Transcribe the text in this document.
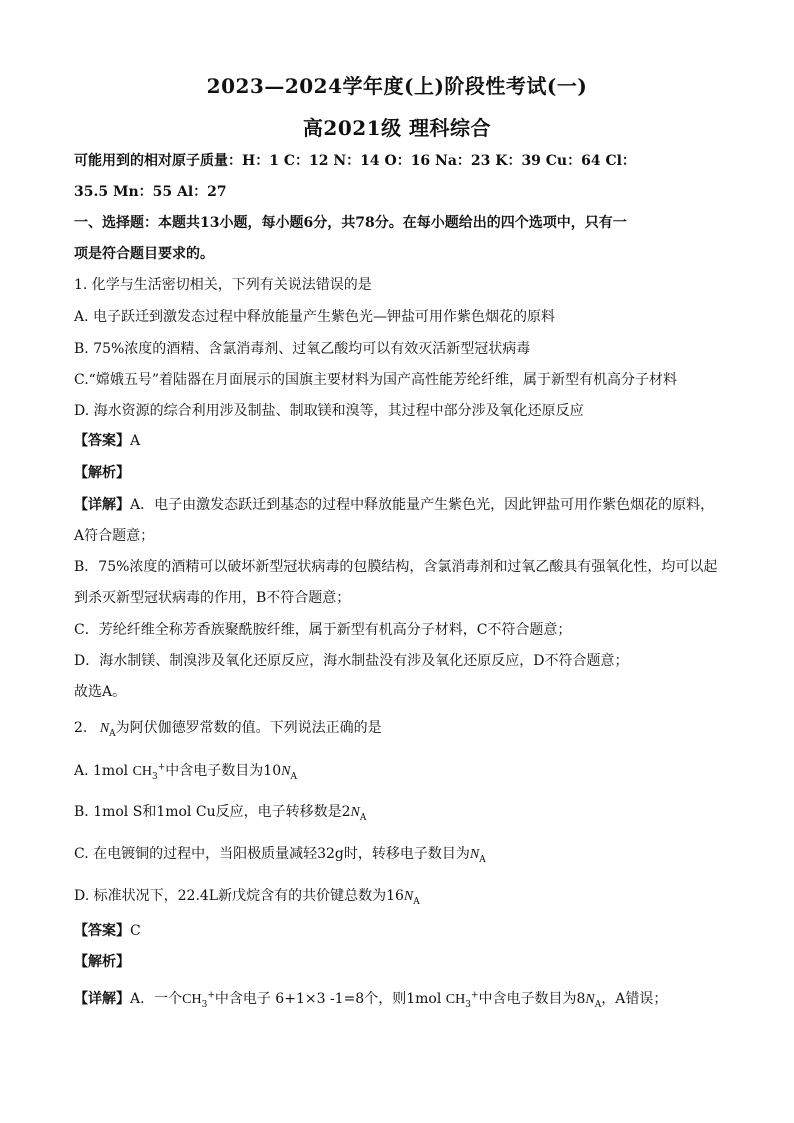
2023—2024学年度(上)阶段性考试(一)
高2021级 理科综合
可能用到的相对原子质量：H：1 C：12 N：14 O：16 Na：23 K：39 Cu：64 Cl：
35.5 Mn：55 Al：27
一、选择题：本题共13小题，每小题6分，共78分。在每小题给出的四个选项中，只有一
项是符合题目要求的。
1. 化学与生活密切相关，下列有关说法错误的是
A. 电子跃迁到激发态过程中释放能量产生紫色光—钾盐可用作紫色烟花的原料
B. 75%浓度的酒精、含氯消毒剂、过氧乙酸均可以有效灭活新型冠状病毒
C.“嫦娥五号”着陆器在月面展示的国旗主要材料为国产高性能芳纶纤维，属于新型有机高分子材料
D. 海水资源的综合利用涉及制盐、制取镁和溴等，其过程中部分涉及氧化还原反应
【答案】A
【解析】
【详解】A．电子由激发态跃迁到基态的过程中释放能量产生紫色光，因此钾盐可用作紫色烟花的原料，
A符合题意；
B．75%浓度的酒精可以破坏新型冠状病毒的包膜结构，含氯消毒剂和过氧乙酸具有强氧化性，均可以起
到杀灭新型冠状病毒的作用，B不符合题意；
C．芳纶纤维全称芳香族聚酰胺纤维，属于新型有机高分子材料，C不符合题意；
D．海水制镁、制溴涉及氧化还原反应，海水制盐没有涉及氧化还原反应，D不符合题意；
故选A。
2. $N_A$为阿伏伽德罗常数的值。下列说法正确的是
A. 1mol $CH_3^+$中含电子数目为$10N_A$
B. 1mol S和1mol Cu反应，电子转移数是$2N_A$
C. 在电镀铜的过程中，当阳极质量减轻32g时，转移电子数目为$N_A$
D. 标准状况下，22.4L新戊烷含有的共价键总数为$16N_A$
【答案】C
【解析】
【详解】A．一个$CH_3^+$中含电子 6+1×3 -1=8个，则1mol $CH_3^+$中含电子数目为$8N_A$，A错误；
